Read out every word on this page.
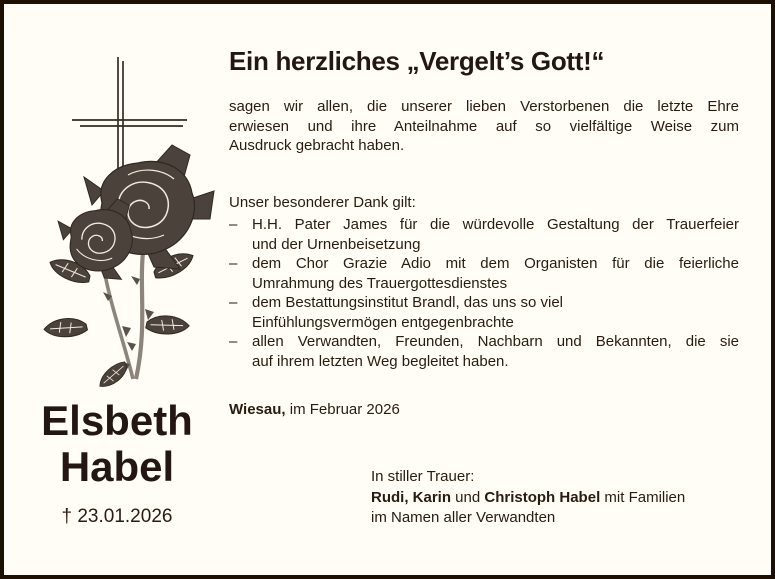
Elsbeth
Habel
† 23.01.2026
Ein herzliches „Vergelt’s Gott!“
sagen wir allen, die unserer lieben Verstorbenen die letzte Ehre
erwiesen und ihre Anteilnahme auf so vielfältige Weise zum
Ausdruck gebracht haben.
Unser besonderer Dank gilt:
– H.H. Pater James für die würdevolle Gestaltung der Trauerfeier
und der Urnenbeisetzung
– dem Chor Grazie Adio mit dem Organisten für die feierliche
Umrahmung des Trauergottesdienstes
– dem Bestattungsinstitut Brandl, das uns so viel
Einfühlungsvermögen entgegenbrachte
– allen Verwandten, Freunden, Nachbarn und Bekannten, die sie
auf ihrem letzten Weg begleitet haben.
Wiesau, im Februar 2026
In stiller Trauer:
Rudi, Karin und Christoph Habel mit Familien
im Namen aller Verwandten
